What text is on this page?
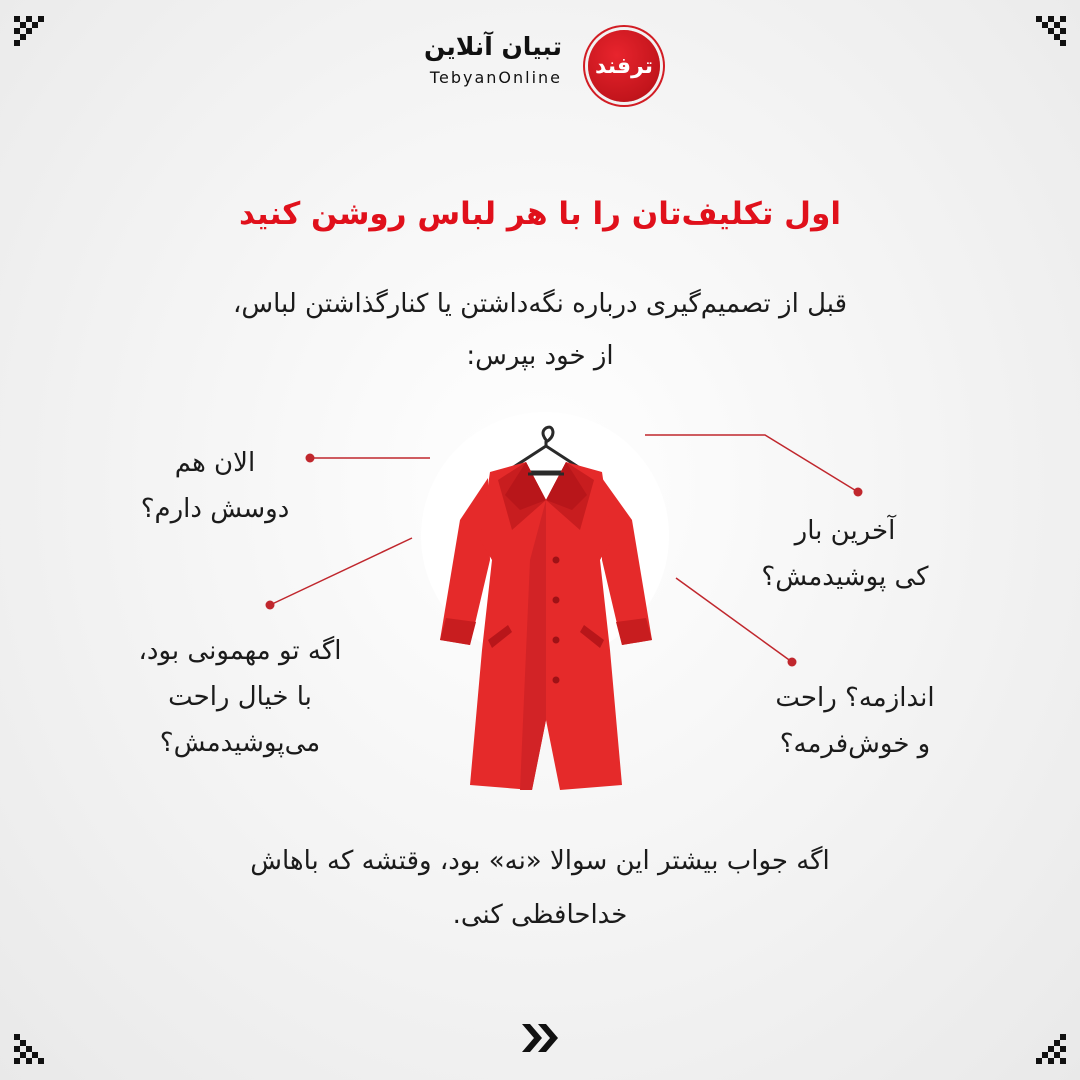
تبیان آنلاین
TebyanOnline	ترفند
اول تکلیف‌تان را با هر لباس روشن کنید
قبل از تصمیم‌گیری درباره نگه‌داشتن یا کنارگذاشتن لباس،
از خود بپرس:
الان هم
دوسش دارم؟
آخرین بار
کی پوشیدمش؟
اگه تو مهمونی بود،
با خیال راحت
می‌پوشیدمش؟
اندازمه؟ راحت
و خوش‌فرمه؟
اگه جواب بیشتر این سوالا «نه» بود، وقتشه که باهاش
خداحافظی کنی.
